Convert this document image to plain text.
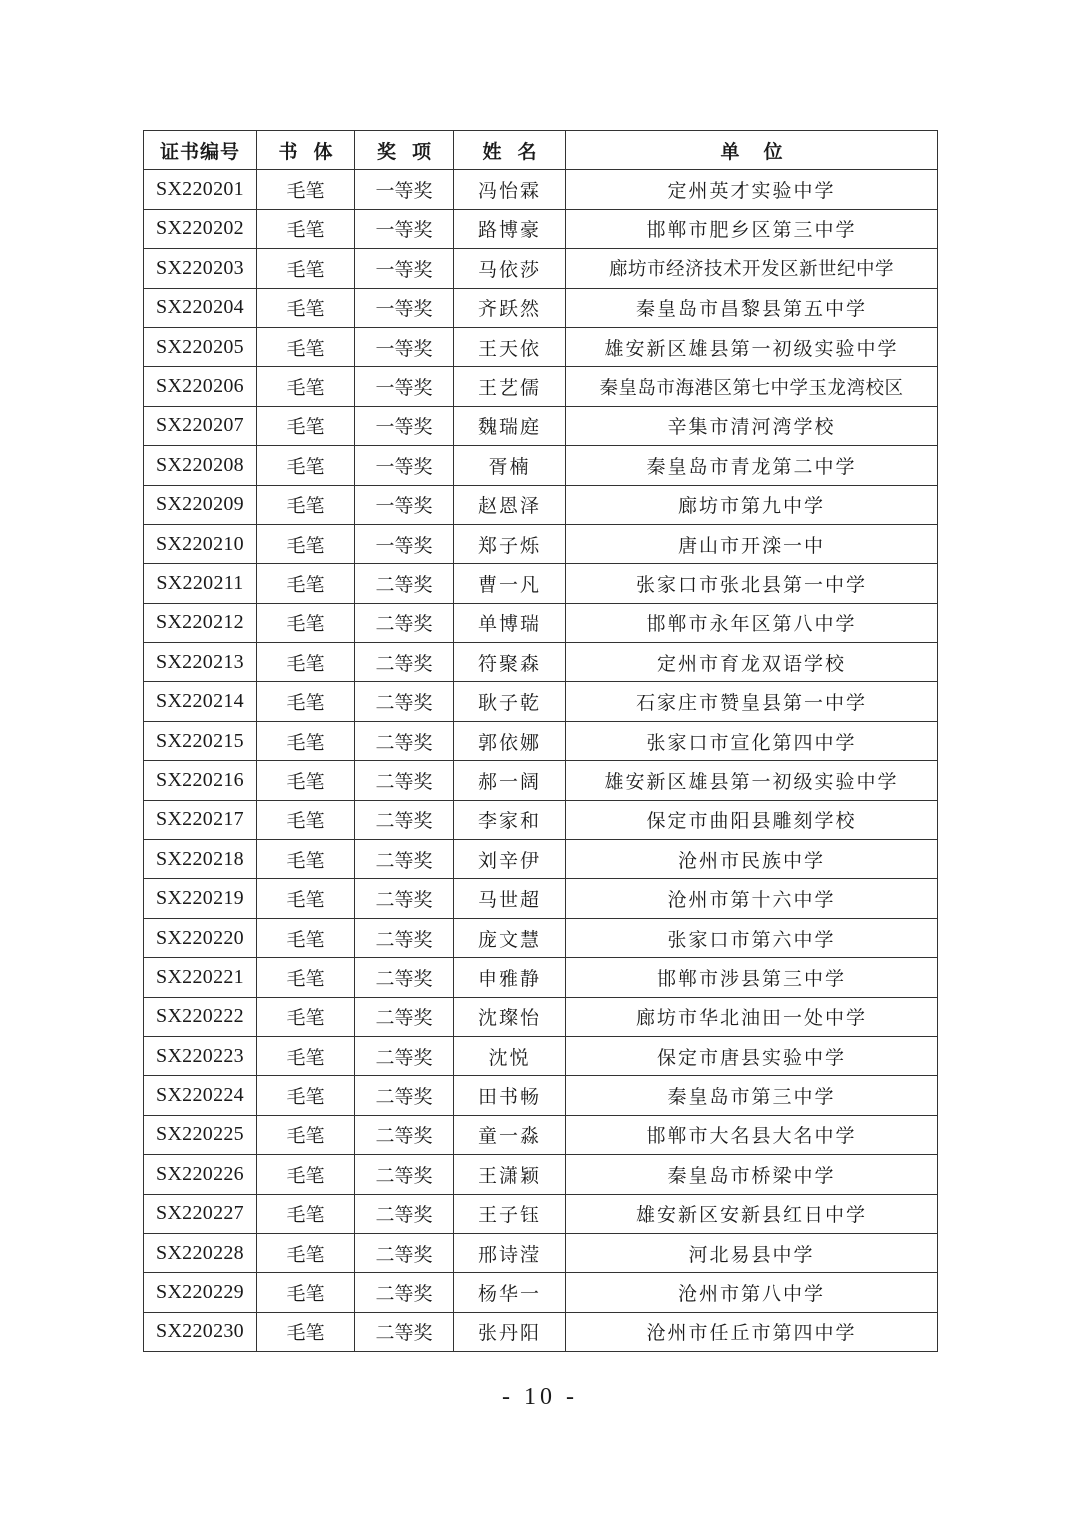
证书编号	书体	奖项	姓名	单位
SX220201	毛笔	一等奖	冯怡霖	定州英才实验中学
SX220202	毛笔	一等奖	路博豪	邯郸市肥乡区第三中学
SX220203	毛笔	一等奖	马依莎	廊坊市经济技术开发区新世纪中学
SX220204	毛笔	一等奖	齐跃然	秦皇岛市昌黎县第五中学
SX220205	毛笔	一等奖	王天依	雄安新区雄县第一初级实验中学
SX220206	毛笔	一等奖	王艺儒	秦皇岛市海港区第七中学玉龙湾校区
SX220207	毛笔	一等奖	魏瑞庭	辛集市清河湾学校
SX220208	毛笔	一等奖	胥楠	秦皇岛市青龙第二中学
SX220209	毛笔	一等奖	赵恩泽	廊坊市第九中学
SX220210	毛笔	一等奖	郑子烁	唐山市开滦一中
SX220211	毛笔	二等奖	曹一凡	张家口市张北县第一中学
SX220212	毛笔	二等奖	单博瑞	邯郸市永年区第八中学
SX220213	毛笔	二等奖	符聚森	定州市育龙双语学校
SX220214	毛笔	二等奖	耿子乾	石家庄市赞皇县第一中学
SX220215	毛笔	二等奖	郭依娜	张家口市宣化第四中学
SX220216	毛笔	二等奖	郝一阔	雄安新区雄县第一初级实验中学
SX220217	毛笔	二等奖	李家和	保定市曲阳县雕刻学校
SX220218	毛笔	二等奖	刘辛伊	沧州市民族中学
SX220219	毛笔	二等奖	马世超	沧州市第十六中学
SX220220	毛笔	二等奖	庞文慧	张家口市第六中学
SX220221	毛笔	二等奖	申雅静	邯郸市涉县第三中学
SX220222	毛笔	二等奖	沈璨怡	廊坊市华北油田一处中学
SX220223	毛笔	二等奖	沈悦	保定市唐县实验中学
SX220224	毛笔	二等奖	田书畅	秦皇岛市第三中学
SX220225	毛笔	二等奖	童一淼	邯郸市大名县大名中学
SX220226	毛笔	二等奖	王潇颖	秦皇岛市桥梁中学
SX220227	毛笔	二等奖	王子钰	雄安新区安新县红日中学
SX220228	毛笔	二等奖	邢诗滢	河北易县中学
SX220229	毛笔	二等奖	杨华一	沧州市第八中学
SX220230	毛笔	二等奖	张丹阳	沧州市任丘市第四中学
- 10 -
